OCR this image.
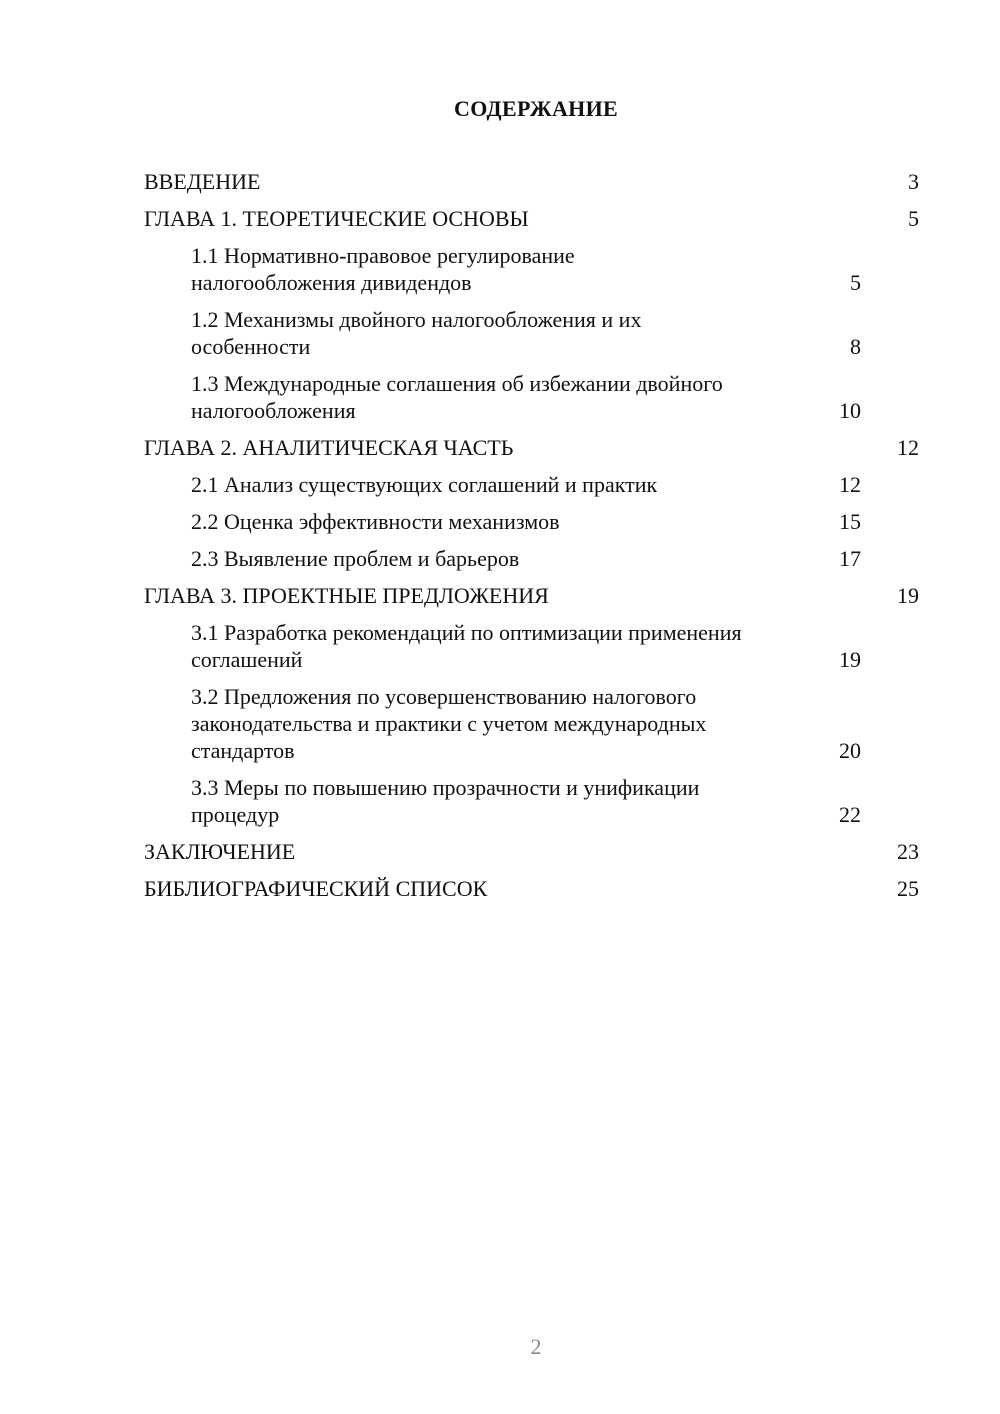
СОДЕРЖАНИЕ
ВВЕДЕНИЕ	3
ГЛАВА 1. ТЕОРЕТИЧЕСКИЕ ОСНОВЫ	5
1.1 Нормативно-правовое регулирование
налогообложения дивидендов	5
1.2 Механизмы двойного налогообложения и их
особенности	8
1.3 Международные соглашения об избежании двойного
налогообложения	10
ГЛАВА 2. АНАЛИТИЧЕСКАЯ ЧАСТЬ	12
2.1 Анализ существующих соглашений и практик	12
2.2 Оценка эффективности механизмов	15
2.3 Выявление проблем и барьеров	17
ГЛАВА 3. ПРОЕКТНЫЕ ПРЕДЛОЖЕНИЯ	19
3.1 Разработка рекомендаций по оптимизации применения
соглашений	19
3.2 Предложения по усовершенствованию налогового
законодательства и практики с учетом международных
стандартов	20
3.3 Меры по повышению прозрачности и унификации
процедур	22
ЗАКЛЮЧЕНИЕ	23
БИБЛИОГРАФИЧЕСКИЙ СПИСОК	25
2
